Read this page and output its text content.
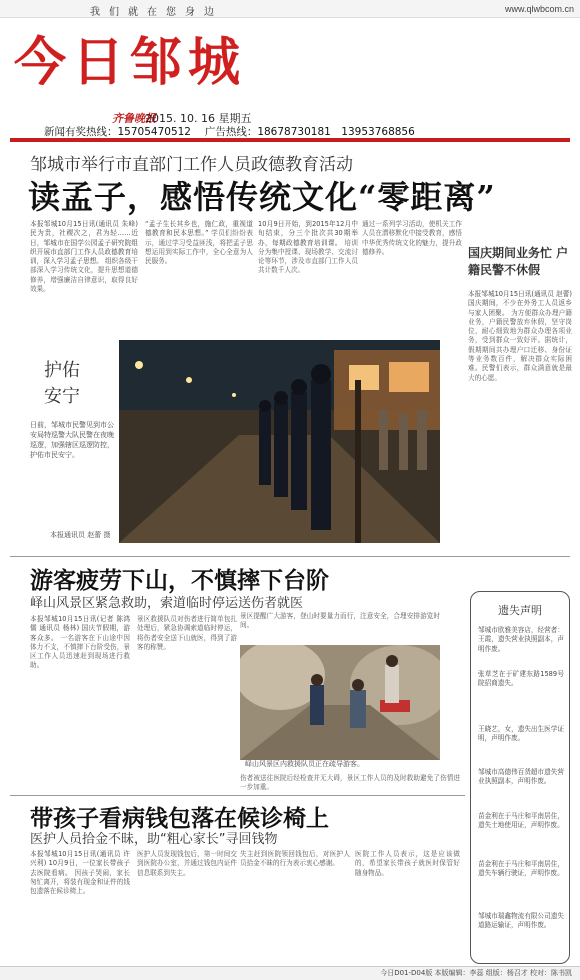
我们就在您身边	www.qlwbcom.cn
今日邹城
齐鲁晚报
2015. 10. 16 星期五
新闻有奖热线：15705470512　 广告热线：18678730181　13953768856
邹城市举行市直部门工作人员政德教育活动
读孟子，感悟传统文化“零距离”
本报邹城10月15日讯(通讯员 朱峰) 民为贵，社稷次之，君为轻……近日，邹城市在国学公园孟子研究院组织开展市直部门工作人员政德教育培训，深入学习孟子思想。 组织各级干部深入学习传统文化，提升思想道德修养，增强廉洁自律意识，取得良好效果。
“孟子生长其乡也，施仁政，重视道德教育和民本思想。” 学员们纷纷表示，通过学习受益匪浅，将把孟子思想运用到实际工作中，全心全意为人民服务。
10月9日开始，到2015年12月中旬结束，分三个批次共30期举办，每期政德教育培训课。 培训分为集中授课、现场教学、交流讨论等环节，涉及市直部门工作人员共计数千人次。
通过一系列学习活动，使机关工作人员在潜移默化中接受教育，感悟中华优秀传统文化的魅力，提升政德修养。	国庆期间业务忙 户籍民警不休假
本报邹城10月15日讯(通讯员 赵蕾) 国庆期间，不少在外务工人员返乡与家人团聚。 为方便群众办理户籍业务，户籍民警放弃休假，坚守岗位，耐心细致地为群众办理各项业务，受到群众一致好评。据统计，假期期间共办理户口迁移、身份证等业务数百件，解决群众实际困难。民警们表示，群众满意就是最大的心愿。
护佑
安宁
日前，邹城市民警见到市公安局特巡警大队民警在夜晚巡逻，加强辖区巡逻防控，护佑市民安宁。
本报通讯员 赵蕾 摄
游客疲劳下山，不慎摔下台阶
峄山风景区紧急救助，索道临时停运送伤者就医
本报邹城10月15日讯(记者 陈鸿儒 通讯员 杨林) 国庆节假期，游客众多。 一名游客在下山途中因体力不支，不慎摔下台阶受伤，景区工作人员迅速赶到现场进行救助。
景区救援队员对伤者进行简单包扎处理后，紧急协调索道临时停运，将伤者安全送下山就医，得到了游客的称赞。
景区提醒广大游客，登山时要量力而行，注意安全，合理安排游览时间。
峄山风景区内救援队员正在疏导游客。
伤者被送往医院后经检查并无大碍，景区工作人员的及时救助避免了伤情进一步加重。
带孩子看病钱包落在候诊椅上
医护人员拾金不昧，助“粗心家长”寻回钱物
本报邹城10月15日讯(通讯员 许兴利) 10月9日，一位家长带孩子去医院看病。 因孩子哭闹，家长匆忙离开，将装有现金和证件的钱包遗落在候诊椅上。
医护人员发现钱包后，第一时间交到医院办公室，并通过钱包内证件信息联系到失主。
失主赶到医院领回钱包后，对医护人员拾金不昧的行为表示衷心感谢。
医院工作人员表示，这是应该做的，希望家长带孩子就医时保管好随身物品。
遗失声明
邹城市欧雅美容店，经营者：王霞，遗失营业执照副本，声明作废。
张草芝在于矿建东路1589号院招商遗失。
王晓艺，女，遗失出生医学证明，声明作废。
邹城市高德伟百货超市遗失营业执照副本，声明作废。
苗金利在于马庄和平南居住，遗失土地使用证，声明作废。
苗金利在于马庄和平南居住，遗失车辆行驶证，声明作废。
邹城市瑞鑫物流有限公司遗失道路运输证，声明作废。
今日D01-D04版 本版编辑：李蕊 组版：杨召才 校对：陈书凯
